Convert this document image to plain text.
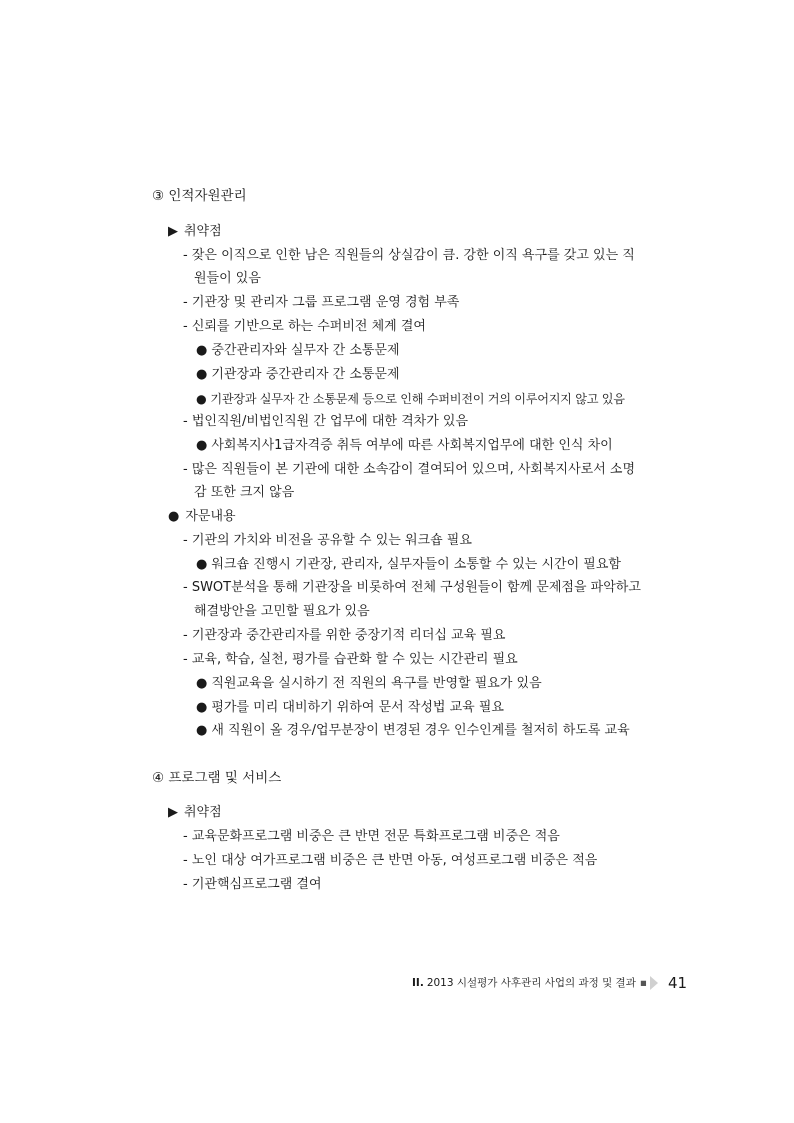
③ 인적자원관리
▶ 취약점
- 잦은 이직으로 인한 남은 직원들의 상실감이 큼. 강한 이직 욕구를 갖고 있는 직
원들이 있음
- 기관장 및 관리자 그룹 프로그램 운영 경험 부족
- 신뢰를 기반으로 하는 수퍼비전 체계 결여
● 중간관리자와 실무자 간 소통문제
● 기관장과 중간관리자 간 소통문제
● 기관장과 실무자 간 소통문제 등으로 인해 수퍼비전이 거의 이루어지지 않고 있음
- 법인직원/비법인직원 간 업무에 대한 격차가 있음
● 사회복지사1급자격증 취득 여부에 따른 사회복지업무에 대한 인식 차이
- 많은 직원들이 본 기관에 대한 소속감이 결여되어 있으며, 사회복지사로서 소명
감 또한 크지 않음
● 자문내용
- 기관의 가치와 비전을 공유할 수 있는 워크숍 필요
● 워크숍 진행시 기관장, 관리자, 실무자들이 소통할 수 있는 시간이 필요함
- SWOT분석을 통해 기관장을 비롯하여 전체 구성원들이 함께 문제점을 파악하고
해결방안을 고민할 필요가 있음
- 기관장과 중간관리자를 위한 중장기적 리더십 교육 필요
- 교육, 학습, 실천, 평가를 습관화 할 수 있는 시간관리 필요
● 직원교육을 실시하기 전 직원의 욕구를 반영할 필요가 있음
● 평가를 미리 대비하기 위하여 문서 작성법 교육 필요
● 새 직원이 올 경우/업무분장이 변경된 경우 인수인계를 철저히 하도록 교육
④ 프로그램 및 서비스
▶ 취약점
- 교육문화프로그램 비중은 큰 반면 전문 특화프로그램 비중은 적음
- 노인 대상 여가프로그램 비중은 큰 반면 아동, 여성프로그램 비중은 적음
- 기관핵심프로그램 결여
II. 2013 시설평가 사후관리 사업의 과정 및 결과 ▪ 41
